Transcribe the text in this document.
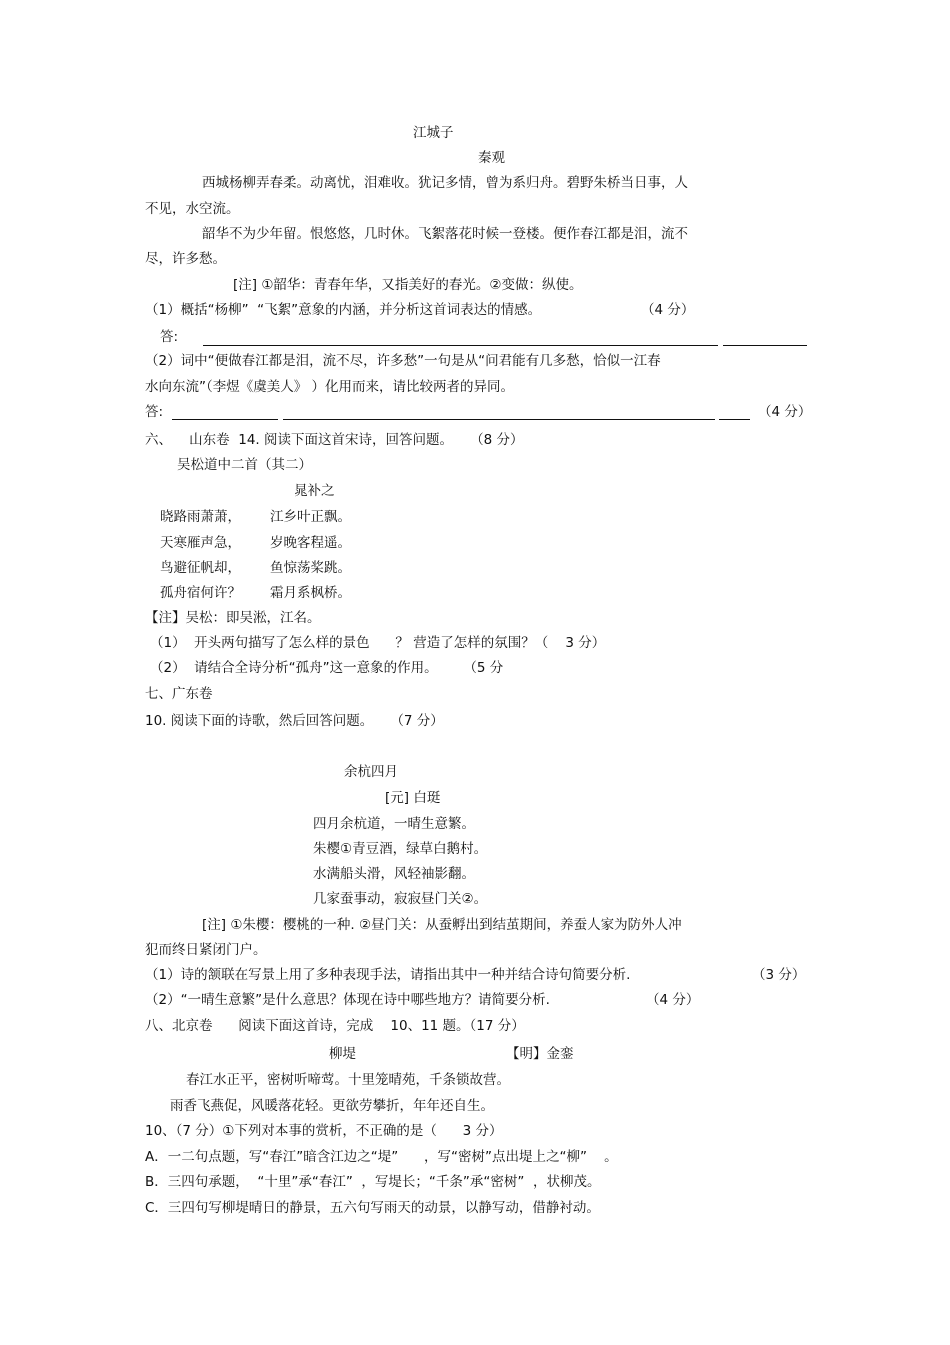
江城子
秦观
西城杨柳弄春柔。动离忧，泪难收。犹记多情，曾为系归舟。碧野朱桥当日事，人
不见，水空流。
韶华不为少年留。恨悠悠，几时休。飞絮落花时候一登楼。便作春江都是泪，流不
尽，许多愁。
[注] ①韶华：青春年华，又指美好的春光。②变做：纵使。
（1）概括“杨柳”  “飞絮”意象的内涵，并分析这首词表达的情感。	（4 分）
答:
（2）词中“便做春江都是泪，流不尽，许多愁”一句是从“问君能有几多愁，恰似一江春
水向东流”（李煜《虞美人》 ）化用而来，请比较两者的异同。
答:	（4 分）
六、    山东卷  14. 阅读下面这首宋诗，回答问题。    （8 分）
吴松道中二首（其二）
晁补之
晓路雨萧萧， 江乡叶正飘。
天寒雁声急， 岁晚客程遥。
鸟避征帆却， 鱼惊荡桨跳。
孤舟宿何许？ 霜月系枫桥。
【注】吴松：即吴淞，江名。
（1）  开头两句描写了怎么样的景色      ？ 营造了怎样的氛围？（    3 分）
（2）  请结合全诗分析“孤舟”这一意象的作用。      （5 分
七、广东卷
10. 阅读下面的诗歌，然后回答问题。    （7 分）
余杭四月
[元] 白珽
四月余杭道，一晴生意繁。
朱樱①青豆酒，绿草白鹅村。
水满船头滑，风轻袖影翻。
几家蚕事动，寂寂昼门关②。
[注] ①朱樱：樱桃的一种. ②昼门关：从蚕孵出到结茧期间，养蚕人家为防外人冲
犯而终日紧闭门户。
（1）诗的颔联在写景上用了多种表现手法，请指出其中一种并结合诗句简要分析.	（3 分）
（2）“一晴生意繁”是什么意思？体现在诗中哪些地方？请简要分析.	（4 分）
八、北京卷      阅读下面这首诗，完成    10、11 题。（17 分）
柳堤	【明】金銮
春江水正平，密树听啼莺。十里笼晴苑，千条锁故营。
雨香飞燕促，风暖落花轻。更欲劳攀折，年年还自生。
10、（7 分）①下列对本事的赏析，不正确的是（      3 分）
A．一二句点题，写“春江”暗含江边之“堤”      ，写“密树”点出堤上之“柳”    。
B．三四句承题，  “十里”承“春江”  ，写堤长；“千条”承“密树”  ，状柳茂。
C．三四句写柳堤晴日的静景，五六句写雨天的动景，以静写动，借静衬动。
